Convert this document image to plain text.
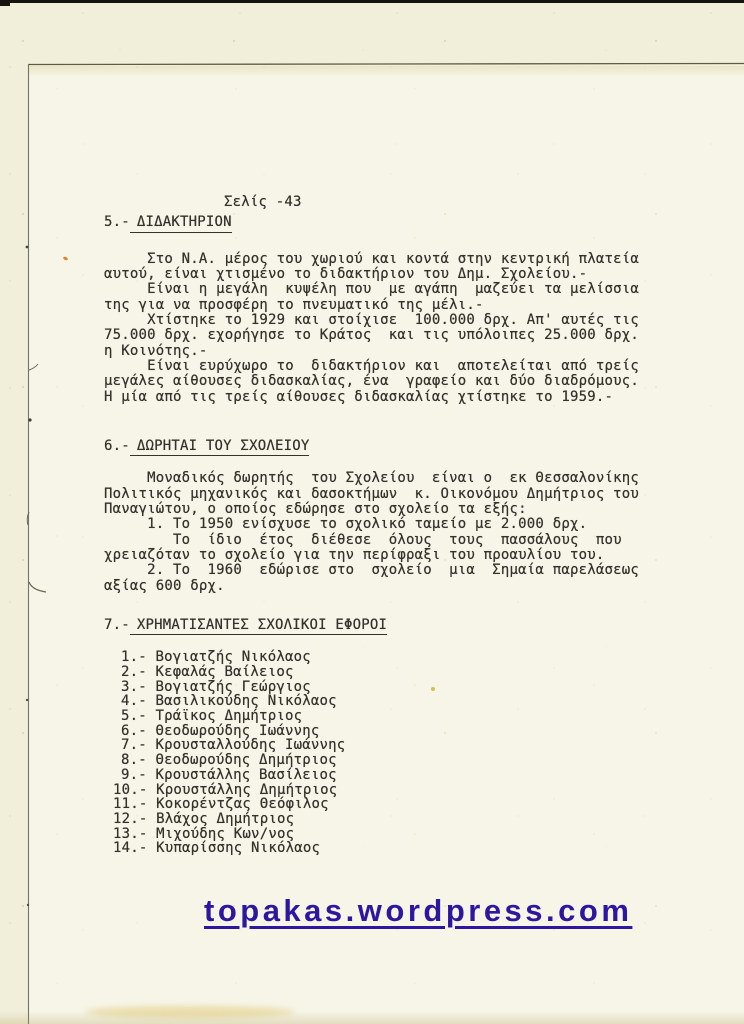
Σελίς -43
5.- ΔΙΔΑΚΤΗΡΙΟΝ
Στο Ν.Α. μέρος του χωριού και κοντά στην κεντρική πλατεία
αυτού, είναι χτισμένο το διδακτήριον του Δημ. Σχολείου.-
Είναι η μεγάλη  κυψέλη που  με αγάπη  μαζεύει τα μελίσσια
της για να προσφέρη το πνευματικό της μέλι.-
Χτίστηκε το 1929 και στοίχισε  100.000 δρχ. Απ' αυτές τις
75.000 δρχ. εχορήγησε το Κράτος  και τις υπόλοιπες 25.000 δρχ.
η Κοινότης.-
Είναι ευρύχωρο το  διδακτήριον και  αποτελείται από τρείς
μεγάλες αίθουσες διδασκαλίας, ένα  γραφείο και δύο διαδρόμους.
Η μία από τις τρείς αίθουσες διδασκαλίας χτίστηκε το 1959.-
6.- ΔΩΡΗΤΑΙ ΤΟΥ ΣΧΟΛΕΙΟΥ
Μοναδικός δωρητής  του Σχολείου  είναι ο  εκ Θεσσαλονίκης
Πολιτικός μηχανικός και δασοκτήμων  κ. Οικονόμου Δημήτριος του
Παναγιώτου, ο οποίος εδώρησε στο σχολείο τα εξής:
1. Το 1950 ενίσχυσε το σχολικό ταμείο με 2.000 δρχ.
Το  ίδιο  έτος  διέθεσε  όλους  τους  πασσάλους  που
χρειαζόταν το σχολείο για την περίφραξι του προαυλίου του.
2. Το  1960  εδώρισε στο  σχολείο  μια  Σημαία παρελάσεως
αξίας 600 δρχ.
7.- ΧΡΗΜΑΤΙΣΑΝΤΕΣ ΣΧΟΛΙΚΟΙ ΕΦΟΡΟΙ
1.- Βογιατζής Νικόλαος
2.- Κεφαλάς Βαίλειος
3.- Βογιατζής Γεώργιος
4.- Βασιλικούδης Νικόλαος
5.- Τράϊκος Δημήτριος
6.- Θεοδωρούδης Ιωάννης
7.- Κρουσταλλούδης Ιωάννης
8.- Θεοδωρούδης Δημήτριος
9.- Κρουστάλλης Βασίλειος
10.- Κρουστάλλης Δημήτριος
11.- Κοκορέντζας Θεόφιλος
12.- Βλάχος Δημήτριος
13.- Μιχούδης Κων/νος
14.- Κυπαρίσσης Νικόλαος
topakas.wordpress.com
